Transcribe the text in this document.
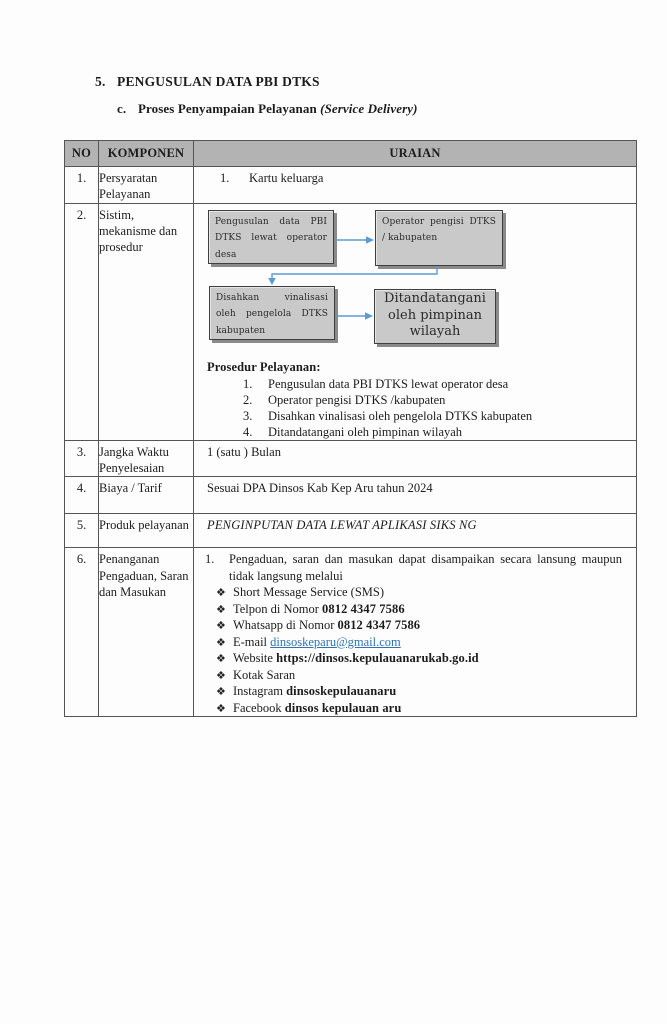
5. PENGUSULAN DATA PBI DTKS
c. Proses Penyampaian Pelayanan (Service Delivery)
NO	KOMPONEN	URAIAN
1.	Persyaratan Pelayanan	1. Kartu keluarga

2.	Sistim, mekanisme dan prosedur	
Pengusulan data PBI DTKS lewat operator desa
Operator pengisi DTKS / kabupaten
Disahkan vinalisasi oleh pengelola DTKS kabupaten
Ditandatangani oleh pimpinan wilayah
Prosedur Pelayanan:
1. Pengusulan data PBI DTKS lewat operator desa
2. Operator pengisi DTKS /kabupaten
3. Disahkan vinalisasi oleh pengelola DTKS kabupaten
4. Ditandatangani oleh pimpinan wilayah

3.	Jangka Waktu Penyelesaian	1 (satu ) Bulan

4.	Biaya / Tarif	Sesuai DPA Dinsos Kab Kep Aru tahun 2024

5.	Produk pelayanan	PENGINPUTAN DATA LEWAT APLIKASI SIKS NG

6.	Penanganan Pengaduan, Saran dan Masukan	
1. Pengaduan, saran dan masukan dapat disampaikan secara lansung maupun tidak langsung melalui
❖ Short Message Service (SMS)
❖ Telpon di Nomor 0812 4347 7586
❖ Whatsapp di Nomor 0812 4347 7586
❖ E-mail dinsoskeparu@gmail.com
❖ Website https://dinsos.kepulauanarukab.go.id
❖ Kotak Saran
❖ Instagram dinsoskepulauanaru
❖ Facebook dinsos kepulauan aru
